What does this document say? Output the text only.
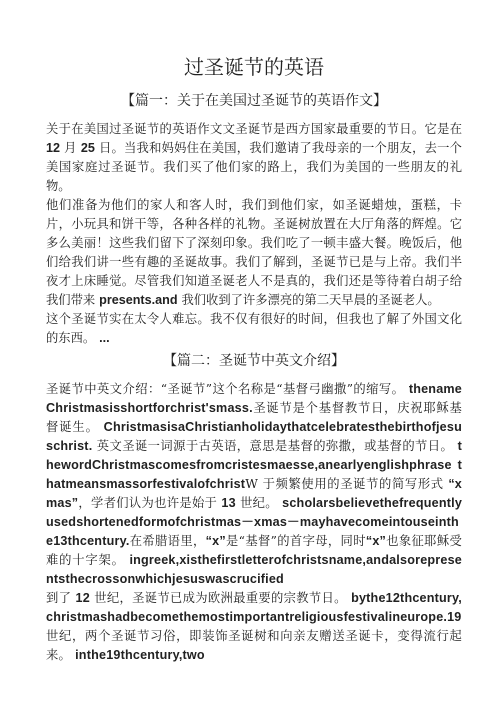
过圣诞节的英语
【篇一：关于在美国过圣诞节的英语作文】

关于在美国过圣诞节的英语作文文圣诞节是西方国家最重要的节日。它是在 12 月 25 日。当我和妈妈住在美国，我们邀请了我母亲的一个朋友，去一个美国家庭过圣诞节。我们买了他们家的路上，我们为美国的一些朋友的礼物。

他们准备为他们的家人和客人时，我们到他们家，如圣诞蜡烛，蛋糕，卡片，小玩具和饼干等，各种各样的礼物。圣诞树放置在大厅角落的辉煌。它多么美丽！这些我们留下了深刻印象。我们吃了一顿丰盛大餐。晚饭后，他们给我们讲一些有趣的圣诞故事。我们了解到，圣诞节已是与上帝。我们半夜才上床睡觉。尽管我们知道圣诞老人不是真的，我们还是等待着白胡子给我们带来 presents.and 我们收到了许多漂亮的第二天早晨的圣诞老人。

这个圣诞节实在太令人难忘。我不仅有很好的时间，但我也了解了外国文化的东西。 ...

【篇二：圣诞节中英文介绍】

圣诞节中英文介绍：“圣诞节”这个名称是“基督弓幽撒”的缩写。 thenameChristmasisshortforchrist'smass.圣诞节是个基督教节日，庆祝耶稣基督诞生。 ChristmasisaChristianholidaythatcelebratesthebirthofjesuschrist. 英文圣诞一词源于古英语，意思是基督的弥撒，或基督的节日。 thewordChristmascomesfromcristesmaesse,anearlyenglishphrase thatmeansmassorfestivalofchristW 于频繁使用的圣诞节的简写形式 “xmas”，学者们认为也许是始于 13 世纪。 scholarsbelievethefrequentlyusedshortenedformofchristmas－xmas－mayhavecomeintouseinthe13thcentury.在希腊语里，“x”是“基督”的首字母，同时“x”也象征耶稣受难的十字架。 ingreek,xisthefirstletterofchristsname,andalsorepresentsthecrossonwhichjesuswascrucified

到了 12 世纪，圣诞节已成为欧洲最重要的宗教节日。 bythe12thcentury,christmashadbecomethemostimportantreligiousfestivalineurope.19 世纪，两个圣诞节习俗，即装饰圣诞树和向亲友赠送圣诞卡，变得流行起来。 inthe19thcentury,two
